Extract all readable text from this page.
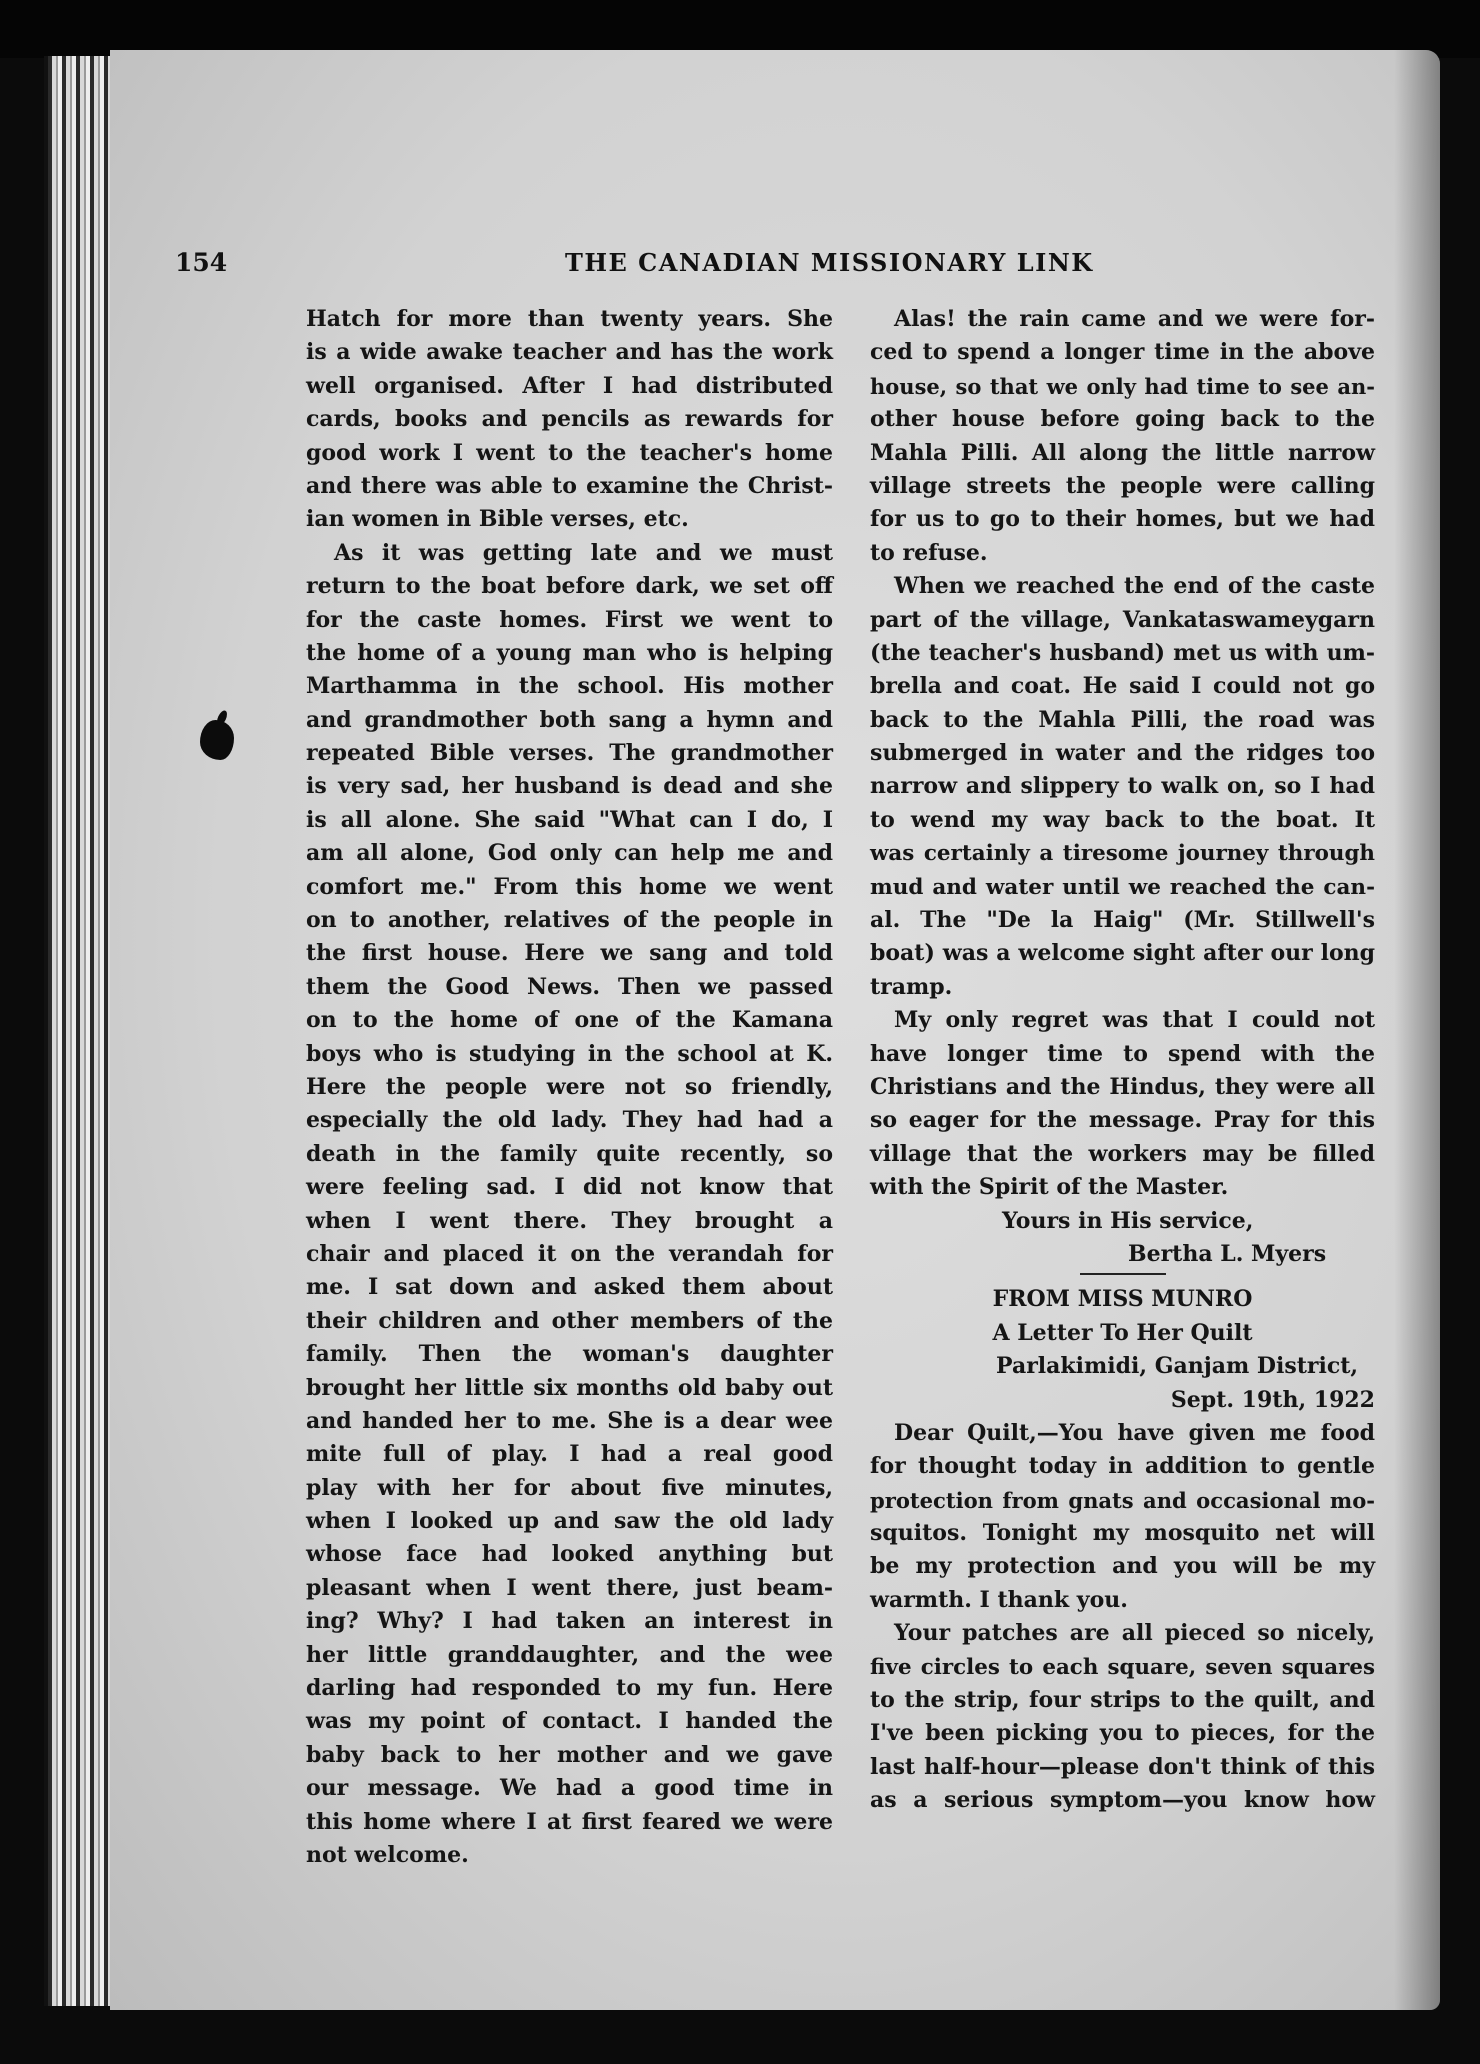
154	THE CANADIAN MISSIONARY LINK
Hatch for more than twenty years. She
is a wide awake teacher and has the work
well organised. After I had distributed
cards, books and pencils as rewards for
good work I went to the teacher's home
and there was able to examine the Christ-
ian women in Bible verses, etc.
As it was getting late and we must
return to the boat before dark, we set off
for the caste homes. First we went to
the home of a young man who is helping
Marthamma in the school. His mother
and grandmother both sang a hymn and
repeated Bible verses. The grandmother
is very sad, her husband is dead and she
is all alone. She said "What can I do, I
am all alone, God only can help me and
comfort me." From this home we went
on to another, relatives of the people in
the first house. Here we sang and told
them the Good News. Then we passed
on to the home of one of the Kamana
boys who is studying in the school at K.
Here the people were not so friendly,
especially the old lady. They had had a
death in the family quite recently, so
were feeling sad. I did not know that
when I went there. They brought a
chair and placed it on the verandah for
me. I sat down and asked them about
their children and other members of the
family. Then the woman's daughter
brought her little six months old baby out
and handed her to me. She is a dear wee
mite full of play. I had a real good
play with her for about five minutes,
when I looked up and saw the old lady
whose face had looked anything but
pleasant when I went there, just beam-
ing? Why? I had taken an interest in
her little granddaughter, and the wee
darling had responded to my fun. Here
was my point of contact. I handed the
baby back to her mother and we gave
our message. We had a good time in
this home where I at first feared we were
not welcome.
Alas! the rain came and we were for-
ced to spend a longer time in the above
house, so that we only had time to see an-
other house before going back to the
Mahla Pilli. All along the little narrow
village streets the people were calling
for us to go to their homes, but we had
to refuse.
When we reached the end of the caste
part of the village, Vankataswameygarn
(the teacher's husband) met us with um-
brella and coat. He said I could not go
back to the Mahla Pilli, the road was
submerged in water and the ridges too
narrow and slippery to walk on, so I had
to wend my way back to the boat. It
was certainly a tiresome journey through
mud and water until we reached the can-
al. The "De la Haig" (Mr. Stillwell's
boat) was a welcome sight after our long
tramp.
My only regret was that I could not
have longer time to spend with the
Christians and the Hindus, they were all
so eager for the message. Pray for this
village that the workers may be filled
with the Spirit of the Master.
Yours in His service,
Bertha L. Myers
FROM MISS MUNRO
A Letter To Her Quilt
Parlakimidi, Ganjam District,
Sept. 19th, 1922
Dear Quilt,—You have given me food
for thought today in addition to gentle
protection from gnats and occasional mo-
squitos. Tonight my mosquito net will
be my protection and you will be my
warmth. I thank you.
Your patches are all pieced so nicely,
five circles to each square, seven squares
to the strip, four strips to the quilt, and
I've been picking you to pieces, for the
last half-hour—please don't think of this
as a serious symptom—you know how
